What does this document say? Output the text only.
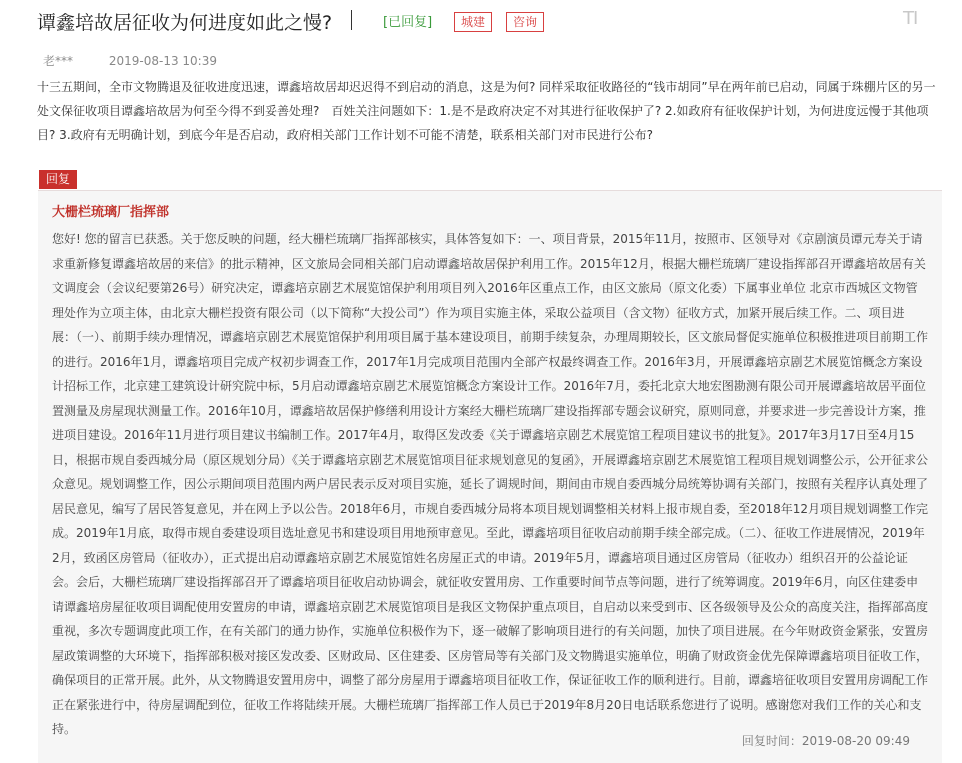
谭鑫培故居征收为何进度如此之慢?	[已回复]	城建	咨询	TI
老***	2019-08-13 10:39
十三五期间，全市文物腾退及征收进度迅速，谭鑫培故居却迟迟得不到启动的消息，这是为何? 同样采取征收路径的“钱市胡同”早在两年前已启动，同属于珠棚片区的另一处文保征收项目谭鑫培故居为何至今得不到妥善处理?　百姓关注问题如下：1.是不是政府决定不对其进行征收保护了? 2.如政府有征收保护计划，为何进度远慢于其他项目? 3.政府有无明确计划，到底今年是否启动，政府相关部门工作计划不可能不清楚，联系相关部门对市民进行公布?
回复
大栅栏琉璃厂指挥部
您好! 您的留言已获悉。关于您反映的问题，经大栅栏琉璃厂指挥部核实，具体答复如下：一、项目背景，2015年11月，按照市、区领导对《京剧演员谭元寿关于请求重新修复谭鑫培故居的来信》的批示精神，区文旅局会同相关部门启动谭鑫培故居保护利用工作。2015年12月，根据大栅栏琉璃厂建设指挥部召开谭鑫培故居有关文调度会（会议纪要第26号）研究决定，谭鑫培京剧艺术展览馆保护利用项目列入2016年区重点工作，由区文旅局（原文化委）下属事业单位 北京市西城区文物管理处作为立项主体，由北京大栅栏投资有限公司（以下简称“大投公司”）作为项目实施主体，采取公益项目（含文物）征收方式，加紧开展后续工作。二、项目进展：（一）、前期手续办理情况，谭鑫培京剧艺术展览馆保护利用项目属于基本建设项目，前期手续复杂，办理周期较长，区文旅局督促实施单位积极推进项目前期工作的进行。2016年1月，谭鑫培项目完成产权初步调查工作，2017年1月完成项目范围内全部产权最终调查工作。2016年3月，开展谭鑫培京剧艺术展览馆概念方案设计招标工作，北京建工建筑设计研究院中标，5月启动谭鑫培京剧艺术展览馆概念方案设计工作。2016年7月，委托北京大地宏图勘测有限公司开展谭鑫培故居平面位置测量及房屋现状测量工作。2016年10月，谭鑫培故居保护修缮利用设计方案经大栅栏琉璃厂建设指挥部专题会议研究，原则同意，并要求进一步完善设计方案，推进项目建设。2016年11月进行项目建议书编制工作。2017年4月，取得区发改委《关于谭鑫培京剧艺术展览馆工程项目建议书的批复》。2017年3月17日至4月15日，根据市规自委西城分局（原区规划分局）《关于谭鑫培京剧艺术展览馆项目征求规划意见的复函》，开展谭鑫培京剧艺术展览馆工程项目规划调整公示，公开征求公众意见。规划调整工作，因公示期间项目范围内两户居民表示反对项目实施，延长了调规时间，期间由市规自委西城分局统筹协调有关部门，按照有关程序认真处理了居民意见，编写了居民答复意见，并在网上予以公告。2018年6月，市规自委西城分局将本项目规划调整相关材料上报市规自委，至2018年12月项目规划调整工作完成。2019年1月底，取得市规自委建设项目选址意见书和建设项目用地预审意见。至此，谭鑫培项目征收启动前期手续全部完成。（二）、征收工作进展情况，2019年2月，致函区房管局（征收办），正式提出启动谭鑫培京剧艺术展览馆姓名房屋正式的申请。2019年5月，谭鑫培项目通过区房管局（征收办）组织召开的公益论证会。会后，大栅栏琉璃厂建设指挥部召开了谭鑫培项目征收启动协调会，就征收安置用房、工作重要时间节点等问题，进行了统筹调度。2019年6月，向区住建委申请谭鑫培房屋征收项目调配使用安置房的申请，谭鑫培京剧艺术展览馆项目是我区文物保护重点项目，自启动以来受到市、区各级领导及公众的高度关注，指挥部高度重视，多次专题调度此项工作，在有关部门的通力协作，实施单位积极作为下，逐一破解了影响项目进行的有关问题，加快了项目进展。在今年财政资金紧张，安置房屋政策调整的大环境下，指挥部积极对接区发改委、区财政局、区住建委、区房管局等有关部门及文物腾退实施单位，明确了财政资金优先保障谭鑫培项目征收工作，确保项目的正常开展。此外，从文物腾退安置用房中，调整了部分房屋用于谭鑫培项目征收工作，保证征收工作的顺利进行。目前，谭鑫培征收项目安置用房调配工作正在紧张进行中，待房屋调配到位，征收工作将陆续开展。大栅栏琉璃厂指挥部工作人员已于2019年8月20日电话联系您进行了说明。感谢您对我们工作的关心和支持。
回复时间：2019-08-20 09:49
